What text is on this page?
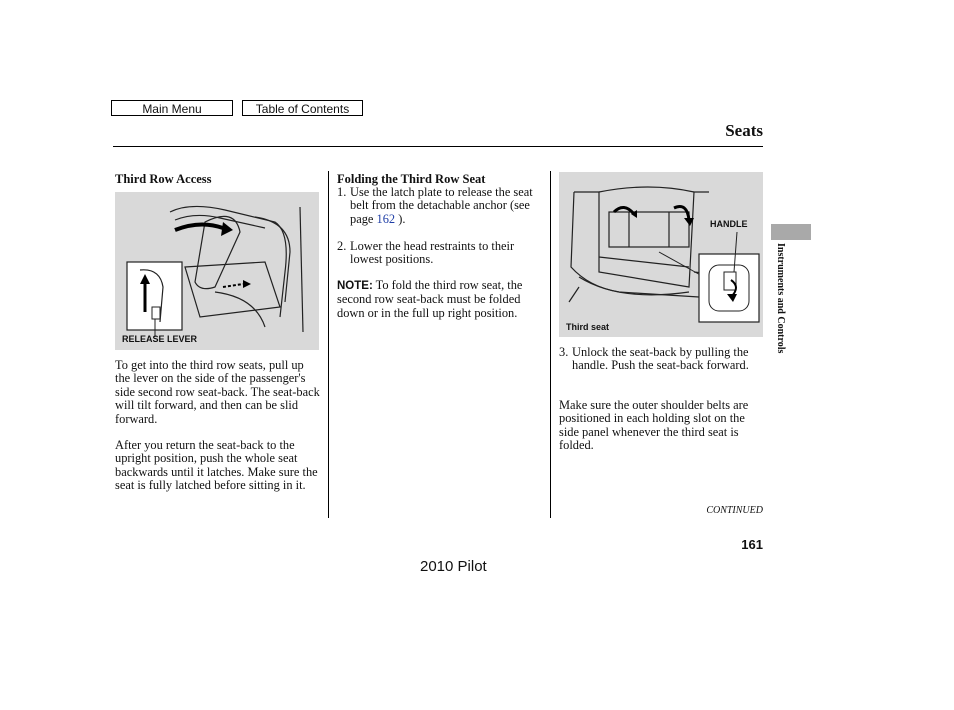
Main Menu	Table of Contents
Seats
Third Row Access
RELEASE LEVER
To get into the third row seats, pull up the lever on the side of the passenger's side second row seat-back. The seat-back will tilt forward, and then can be slid forward.
After you return the seat-back to the upright position, push the whole seat backwards until it latches. Make sure the seat is fully latched before sitting in it.
Folding the Third Row Seat
1. Use the latch plate to release the seat belt from the detachable anchor (see page 162 ).
2. Lower the head restraints to their lowest positions.
NOTE: To fold the third row seat, the second row seat-back must be folded down or in the full up right position.
HANDLE
Third seat
3. Unlock the seat-back by pulling the handle. Push the seat-back forward.
Make sure the outer shoulder belts are positioned in each holding slot on the side panel whenever the third seat is folded.
Instruments and Controls
CONTINUED
161
2010 Pilot
